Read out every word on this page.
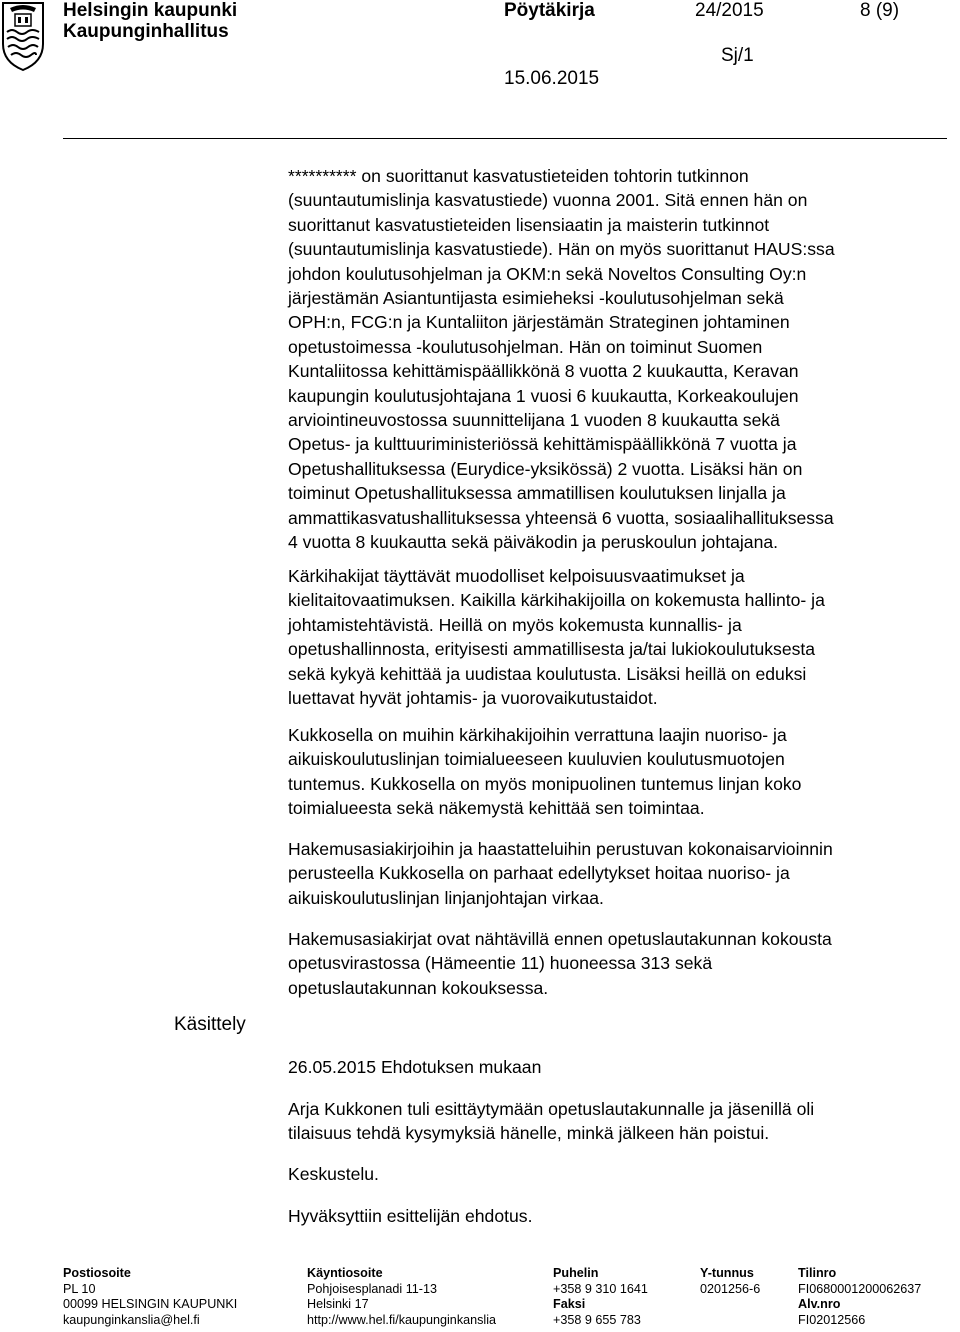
Helsingin kaupunki
Kaupunginhallitus
Pöytäkirja	24/2015	8 (9)
Sj/1
15.06.2015

********** on suorittanut kasvatustieteiden tohtorin tutkinnon
(suuntautumislinja kasvatustiede) vuonna 2001. Sitä ennen hän on
suorittanut kasvatustieteiden lisensiaatin ja maisterin tutkinnot
(suuntautumislinja kasvatustiede). Hän on myös suorittanut HAUS:ssa
johdon koulutusohjelman ja OKM:n sekä Noveltos Consulting Oy:n
järjestämän Asiantuntijasta esimieheksi -koulutusohjelman sekä
OPH:n, FCG:n ja Kuntaliiton järjestämän Strateginen johtaminen
opetustoimessa -koulutusohjelman. Hän on toiminut Suomen
Kuntaliitossa kehittämispäällikkönä 8 vuotta 2 kuukautta, Keravan
kaupungin koulutusjohtajana 1 vuosi 6 kuukautta, Korkeakoulujen
arviointineuvostossa suunnittelijana 1 vuoden 8 kuukautta sekä
Opetus- ja kulttuuriministeriössä kehittämispäällikkönä 7 vuotta ja
Opetushallituksessa (Eurydice-yksikössä) 2 vuotta. Lisäksi hän on
toiminut Opetushallituksessa ammatillisen koulutuksen linjalla ja
ammattikasvatushallituksessa yhteensä 6 vuotta, sosiaalihallituksessa
4 vuotta 8 kuukautta sekä päiväkodin ja peruskoulun johtajana.

Kärkihakijat täyttävät muodolliset kelpoisuusvaatimukset ja
kielitaitovaatimuksen. Kaikilla kärkihakijoilla on kokemusta hallinto- ja
johtamistehtävistä. Heillä on myös kokemusta kunnallis- ja
opetushallinnosta, erityisesti ammatillisesta ja/tai lukiokoulutuksesta
sekä kykyä kehittää ja uudistaa koulutusta. Lisäksi heillä on eduksi
luettavat hyvät johtamis- ja vuorovaikutustaidot.

Kukkosella on muihin kärkihakijoihin verrattuna laajin nuoriso- ja
aikuiskoulutuslinjan toimialueeseen kuuluvien koulutusmuotojen
tuntemus. Kukkosella on myös monipuolinen tuntemus linjan koko
toimialueesta sekä näkemystä kehittää sen toimintaa.

Hakemusasiakirjoihin ja haastatteluihin perustuvan kokonaisarvioinnin
perusteella Kukkosella on parhaat edellytykset hoitaa nuoriso- ja
aikuiskoulutuslinjan linjanjohtajan virkaa.

Hakemusasiakirjat ovat nähtävillä ennen opetuslautakunnan kokousta
opetusvirastossa (Hämeentie 11) huoneessa 313 sekä
opetuslautakunnan kokouksessa.

Käsittely

26.05.2015 Ehdotuksen mukaan

Arja Kukkonen tuli esittäytymään opetuslautakunnalle ja jäsenillä oli
tilaisuus tehdä kysymyksiä hänelle, minkä jälkeen hän poistui.

Keskustelu.

Hyväksyttiin esittelijän ehdotus.

Postiosoite
PL 10
00099 HELSINGIN KAUPUNKI
kaupunginkanslia@hel.fi
Käyntiosoite
Pohjoisesplanadi 11-13
Helsinki 17
http://www.hel.fi/kaupunginkanslia
Puhelin
+358 9 310 1641
Faksi
+358 9 655 783
Y-tunnus
0201256-6
Tilinro
FI0680001200062637
Alv.nro
FI02012566
